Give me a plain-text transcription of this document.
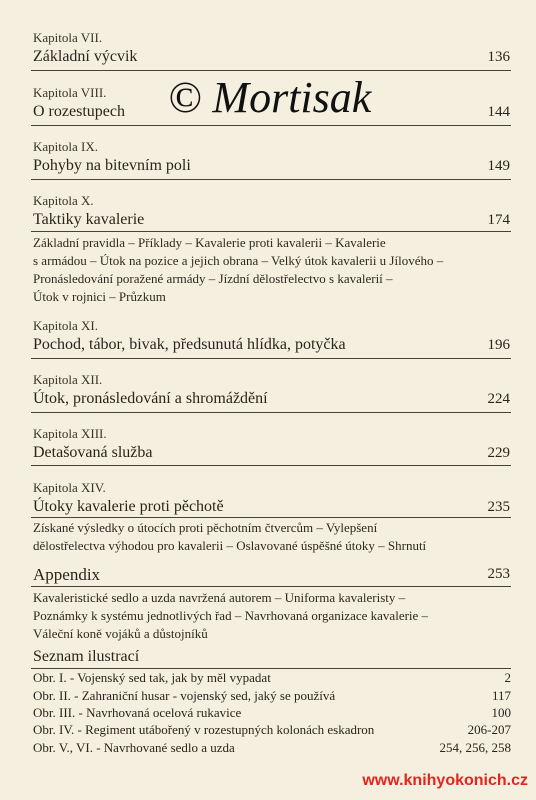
Kapitola VII.
Základní výcvik	136
Kapitola VIII.
O rozestupech	144
Kapitola IX.
Pohyby na bitevním poli	149
Kapitola X.
Taktiky kavalerie	174
Základní pravidla – Příklady – Kavalerie proti kavalerii – Kavalerie
s armádou – Útok na pozice a jejich obrana – Velký útok kavalerii u Jílového –
Pronásledování poražené armády – Jízdní dělostřelectvo s kavalerií –
Útok v rojnici – Průzkum
Kapitola XI.
Pochod, tábor, bivak, předsunutá hlídka, potyčka	196
Kapitola XII.
Útok, pronásledování a shromáždění	224
Kapitola XIII.
Detašovaná služba	229
Kapitola XIV.
Útoky kavalerie proti pěchotě	235
Získané výsledky o útocích proti pěchotním čtvercům – Vylepšení
dělostřelectva výhodou pro kavalerii – Oslavované úspěšné útoky – Shrnutí
Appendix	253
Kavaleristické sedlo a uzda navržená autorem – Uniforma kavaleristy –
Poznámky k systému jednotlivých řad – Navrhovaná organizace kavalerie –
Váleční koně vojáků a důstojníků
Seznam ilustrací
Obr. I. - Vojenský sed tak, jak by měl vypadat	2
Obr. II. - Zahraniční husar - vojenský sed, jaký se používá	117
Obr. III. - Navrhovaná ocelová rukavice	100
Obr. IV. - Regiment utábořený v rozestupných kolonách eskadron	206-207
Obr. V., VI. - Navrhované sedlo a uzda	254, 256, 258
© Mortisak
www.knihyokonich.cz
